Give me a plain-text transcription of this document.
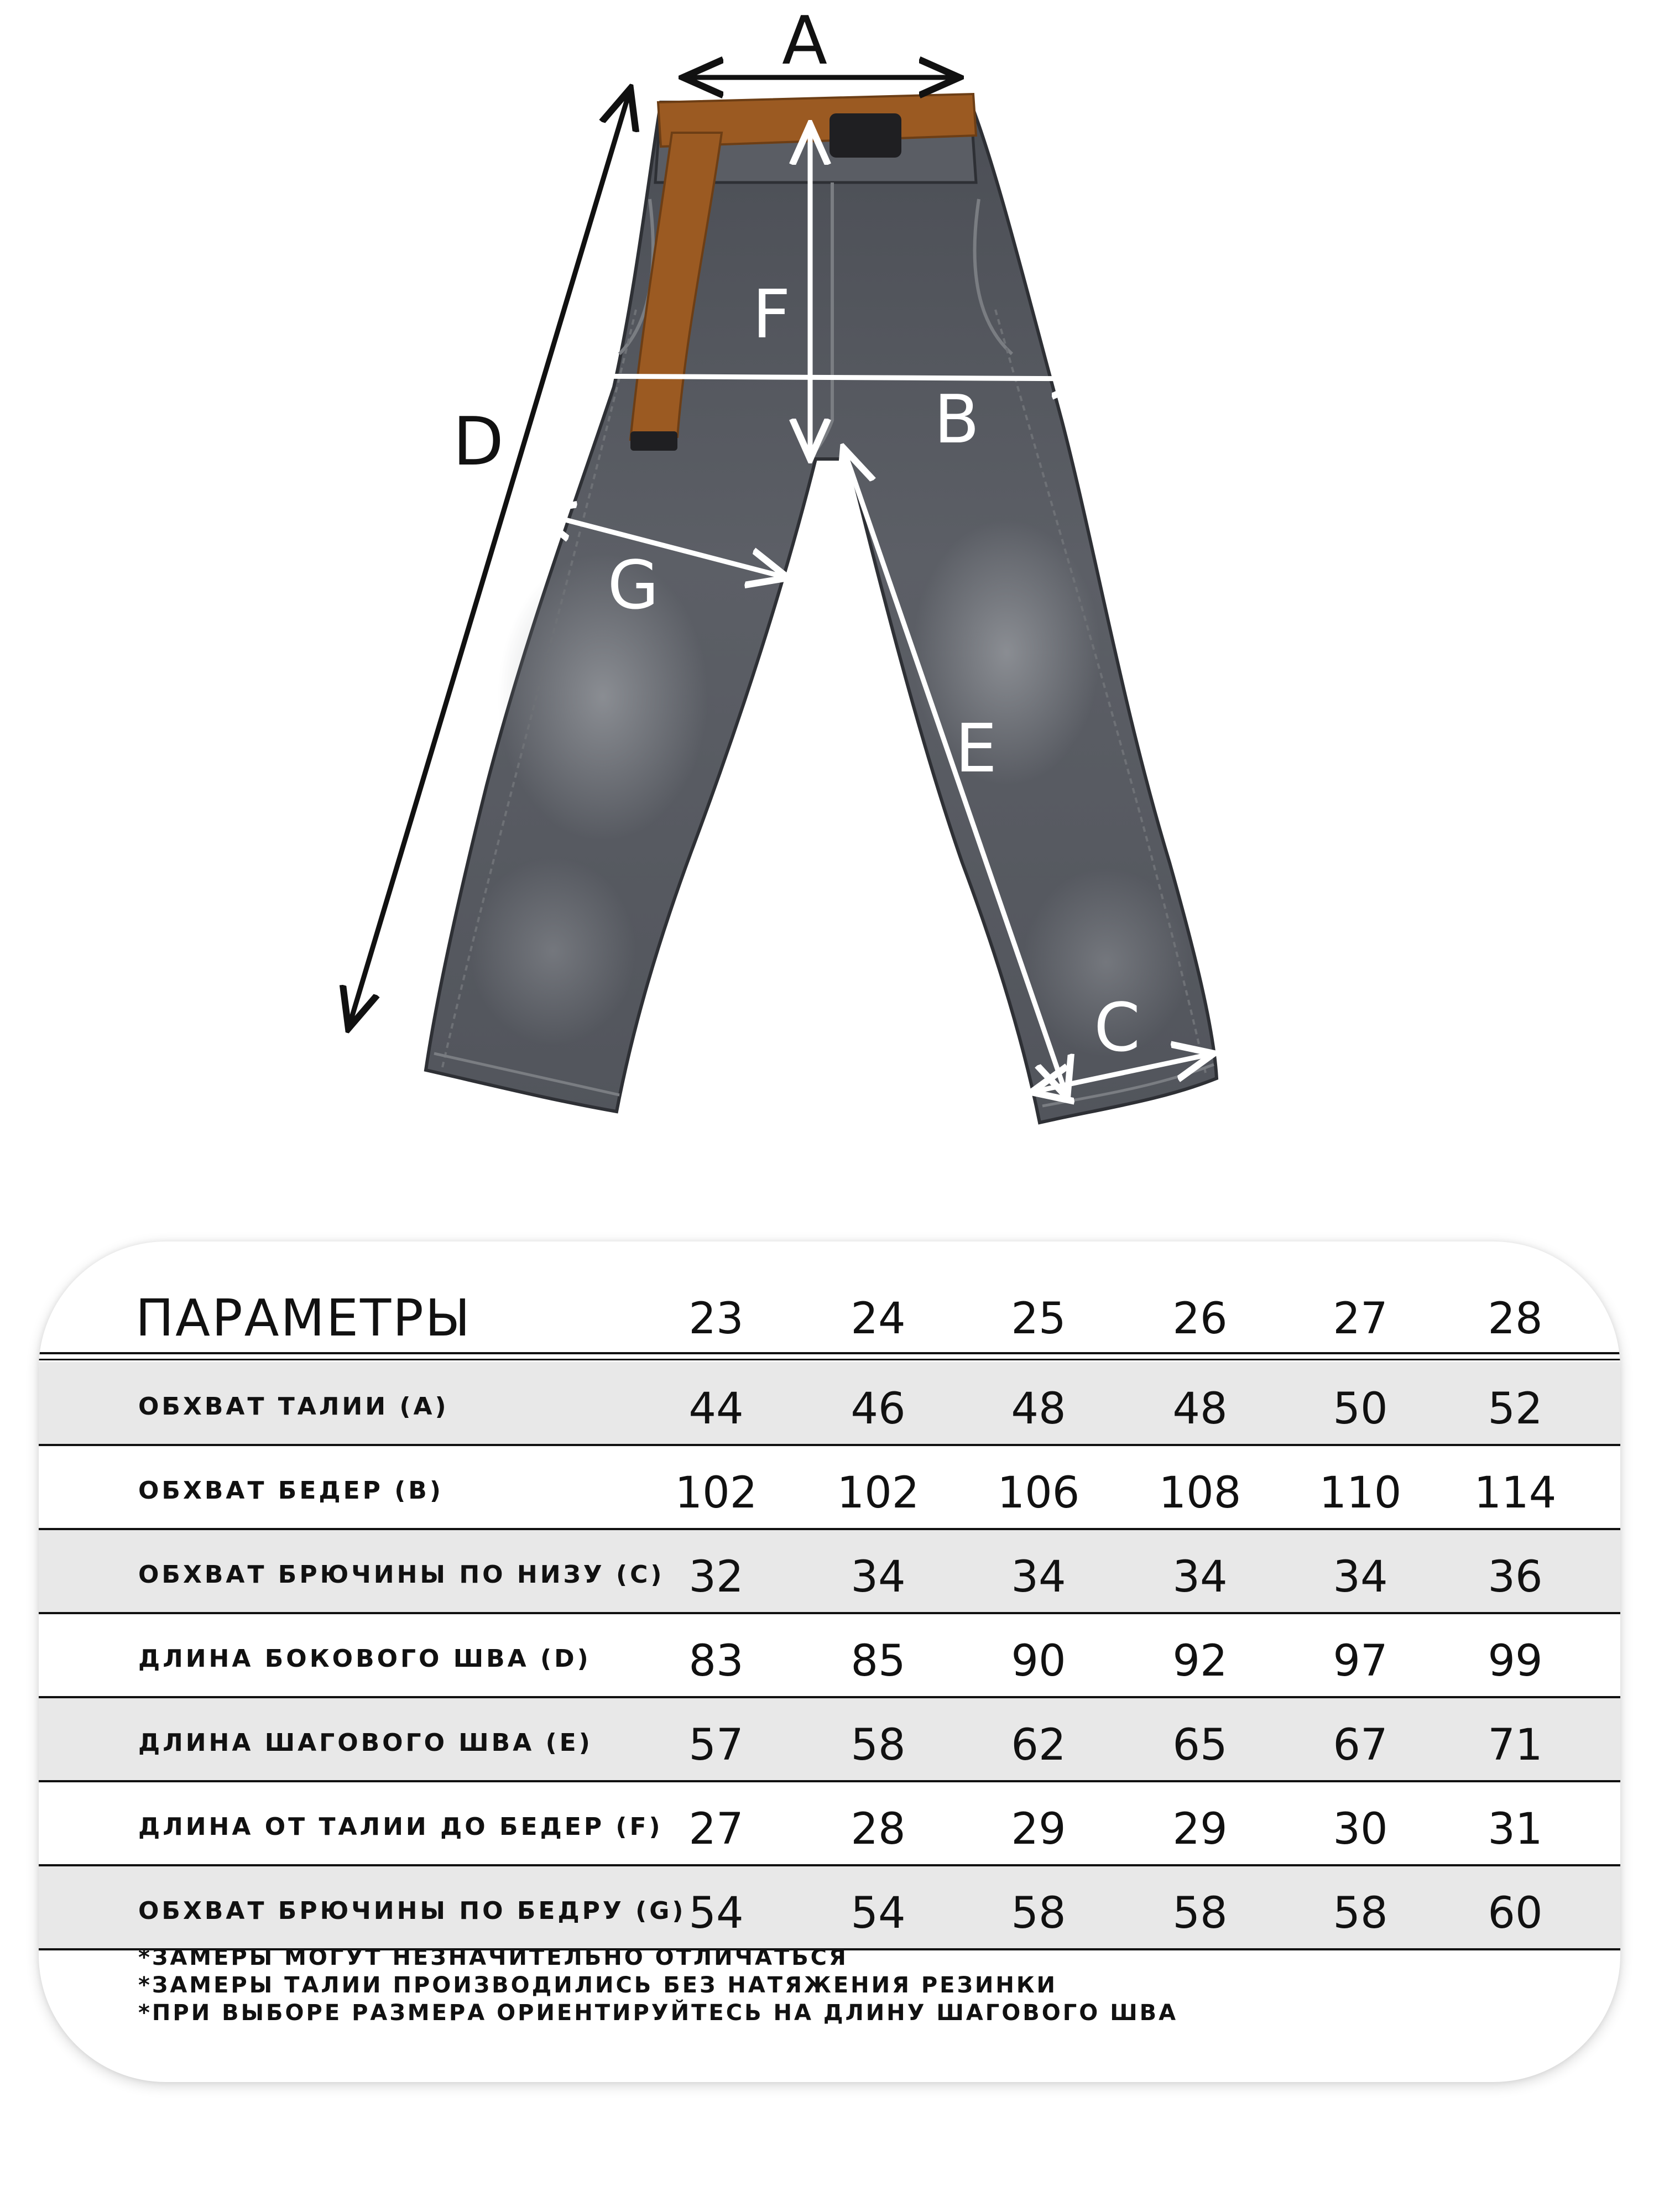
A
D
F
B
G
E
C
ПАРАМЕТРЫ	23	24	25	26	27	28
ОБХВАТ ТАЛИИ (A)	44	46	48	48	50	52
ОБХВАТ БЕДЕР (B)	102	102	106	108	110	114
ОБХВАТ БРЮЧИНЫ ПО НИЗУ (C) 32	34	34	34	34	36
ДЛИНА БОКОВОГО ШВА (D)	83	85	90	92	97	99
ДЛИНА ШАГОВОГО ШВА (E)	57	58	62	65	67	71
ДЛИНА ОТ ТАЛИИ ДО БЕДЕР (F) 27	28	29	29	30	31
ОБХВАТ БРЮЧИНЫ ПО БЕДРУ (G) 54	54	58	58	58	60
*ЗАМЕРЫ МОГУТ НЕЗНАЧИТЕЛЬНО ОТЛИЧАТЬСЯ
*ЗАМЕРЫ ТАЛИИ ПРОИЗВОДИЛИСЬ БЕЗ НАТЯЖЕНИЯ РЕЗИНКИ
*ПРИ ВЫБОРЕ РАЗМЕРА ОРИЕНТИРУЙТЕСЬ НА ДЛИНУ ШАГОВОГО ШВА
